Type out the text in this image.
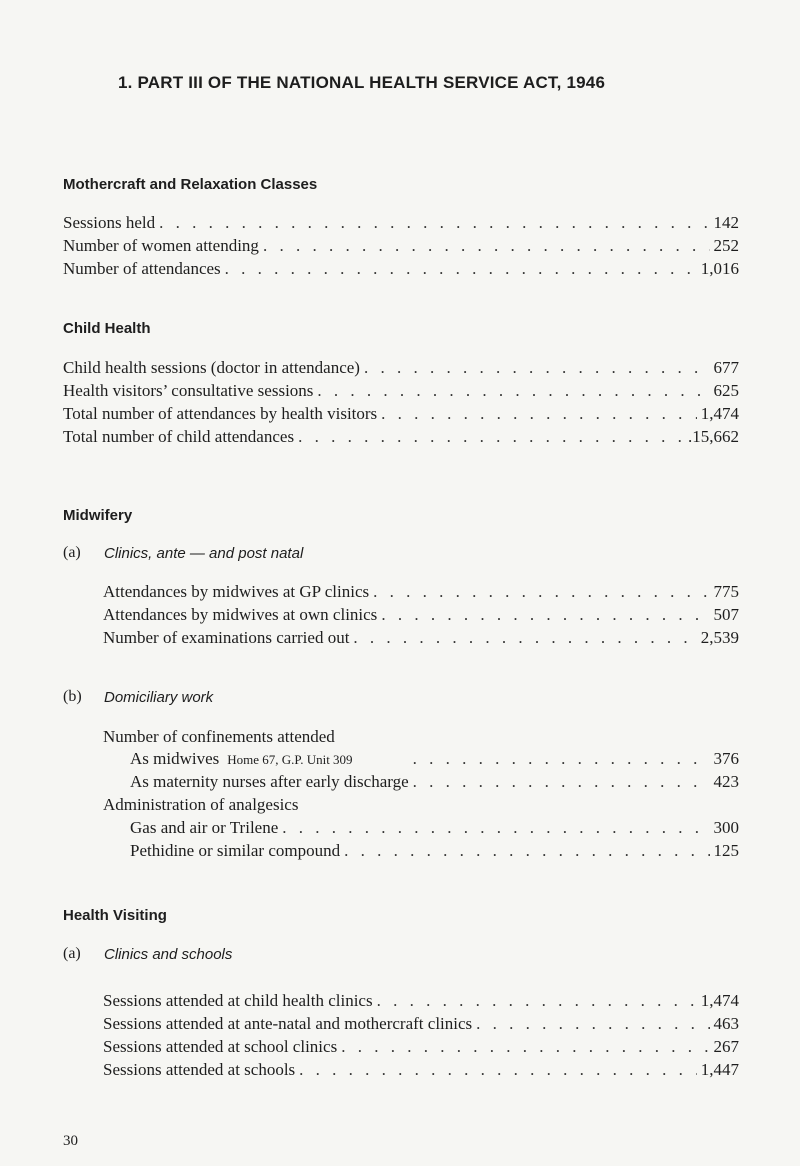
1. PART III OF THE NATIONAL HEALTH SERVICE ACT, 1946
Mothercraft and Relaxation Classes
Sessions held . . .	142
Number of women attending . . .	252
Number of attendances . . .	1,016
Child Health
Child health sessions (doctor in attendance) . . .	677
Health visitors’ consultative sessions . . .	625
Total number of attendances by health visitors . . .	1,474
Total number of child attendances . . .	.15,662
Midwifery
(a) Clinics, ante — and post natal
Attendances by midwives at GP clinics . . .	775
Attendances by midwives at own clinics . . .	507
Number of examinations carried out . . .	2,539
(b) Domiciliary work
Number of confinements attended
As midwives Home 67, G.P. Unit 309 . . .	376
As maternity nurses after early discharge . . .	423
Administration of analgesics
Gas and air or Trilene . . .	300
Pethidine or similar compound . . .	125
Health Visiting
(a) Clinics and schools
Sessions attended at child health clinics . . .	1,474
Sessions attended at ante-natal and mothercraft clinics . . .	463
Sessions attended at school clinics . . .	267
Sessions attended at schools . . .	1,447
30
